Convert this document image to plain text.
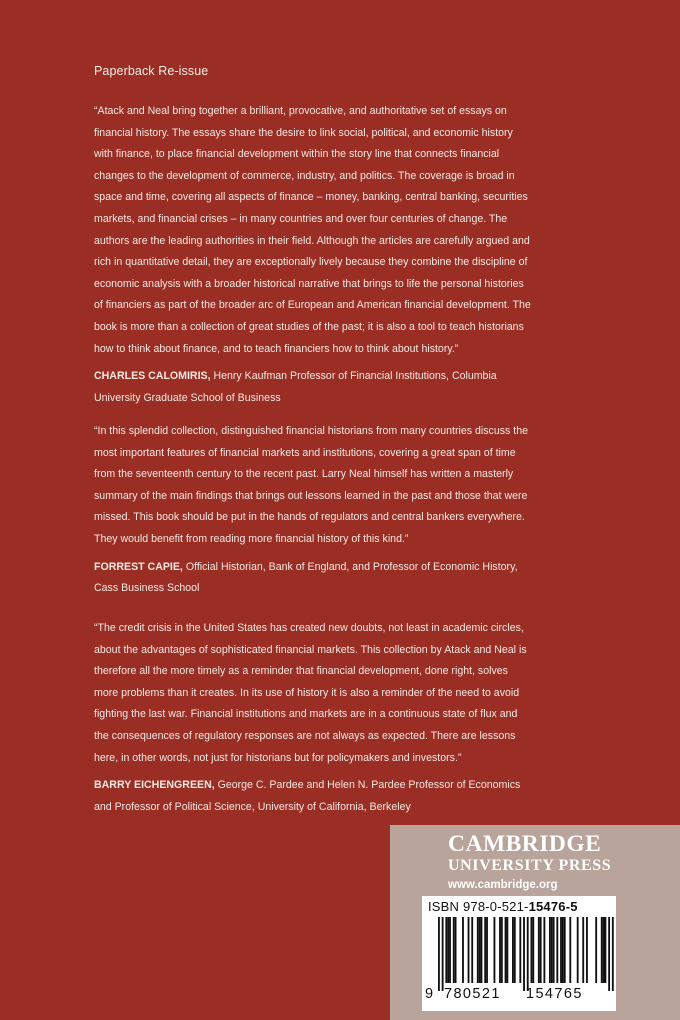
Paperback Re-issue

“Atack and Neal bring together a brilliant, provocative, and authoritative set of essays on financial history. The essays share the desire to link social, political, and economic history with finance, to place financial development within the story line that connects financial changes to the development of commerce, industry, and politics. The coverage is broad in space and time, covering all aspects of finance – money, banking, central banking, securities markets, and financial crises – in many countries and over four centuries of change. The authors are the leading authorities in their field. Although the articles are carefully argued and rich in quantitative detail, they are exceptionally lively because they combine the discipline of economic analysis with a broader historical narrative that brings to life the personal histories of financiers as part of the broader arc of European and American financial development. The book is more than a collection of great studies of the past; it is also a tool to teach historians how to think about finance, and to teach financiers how to think about history.”

CHARLES CALOMIRIS, Henry Kaufman Professor of Financial Institutions, Columbia University Graduate School of Business

“In this splendid collection, distinguished financial historians from many countries discuss the most important features of financial markets and institutions, covering a great span of time from the seventeenth century to the recent past. Larry Neal himself has written a masterly summary of the main findings that brings out lessons learned in the past and those that were missed. This book should be put in the hands of regulators and central bankers everywhere. They would benefit from reading more financial history of this kind.”

FORREST CAPIE, Official Historian, Bank of England, and Professor of Economic History, Cass Business School

“The credit crisis in the United States has created new doubts, not least in academic circles, about the advantages of sophisticated financial markets. This collection by Atack and Neal is therefore all the more timely as a reminder that financial development, done right, solves more problems than it creates. In its use of history it is also a reminder of the need to avoid fighting the last war. Financial institutions and markets are in a continuous state of flux and the consequences of regulatory responses are not always as expected. There are lessons here, in other words, not just for historians but for policymakers and investors.”

BARRY EICHENGREEN, George C. Pardee and Helen N. Pardee Professor of Economics and Professor of Political Science, University of California, Berkeley

CAMBRIDGE
UNIVERSITY PRESS
www.cambridge.org
ISBN 978-0-521-15476-5
9 780521 154765
